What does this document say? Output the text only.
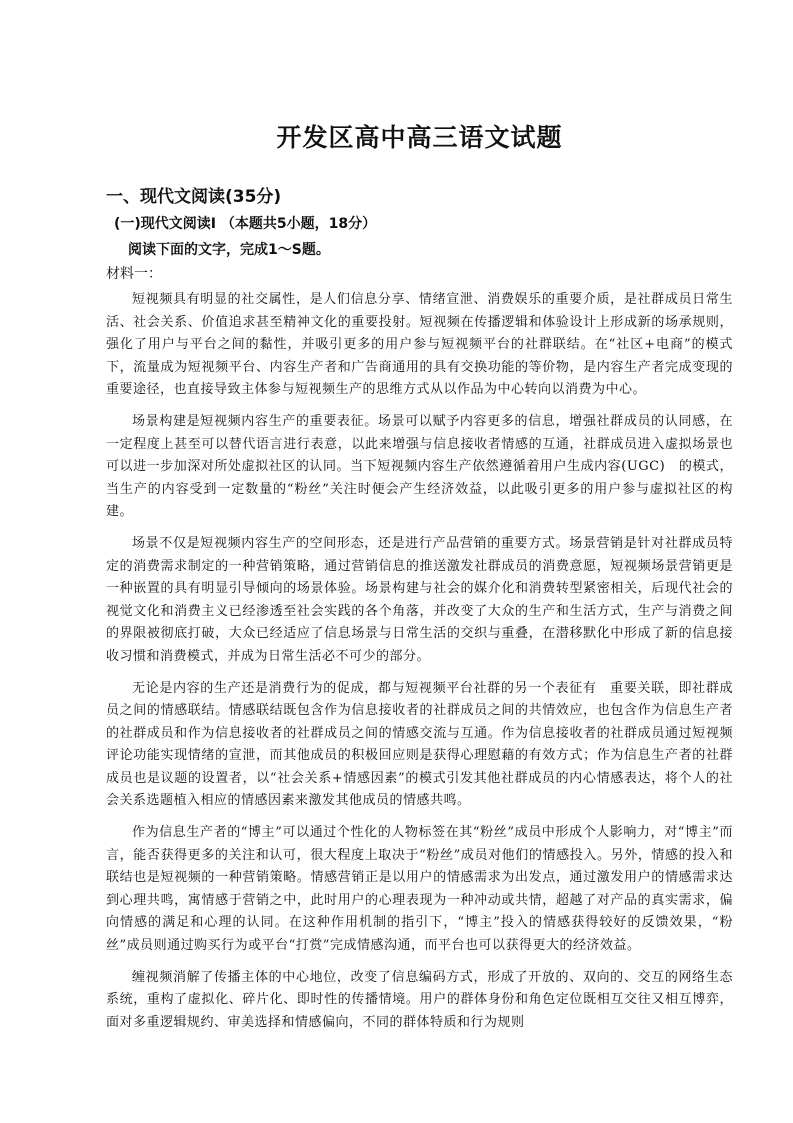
开发区高中高三语文试题
一、现代文阅读(35分)
(一)现代文阅读I （本题共5小题，18分）
阅读下面的文字，完成1～S题。
材料一：

短视频具有明显的社交属性，是人们信息分享、情绪宣泄、消费娱乐的重要介质，是社群成员日常生活、社会关系、价值追求甚至精神文化的重要投射。短视频在传播逻辑和体验设计上形成新的场承规则，强化了用户与平台之间的黏性，并吸引更多的用户参与短视频平台的社群联结。在“社区+电商”的模式下，流量成为短视频平台、内容生产者和广告商通用的具有交换功能的等价物，是内容生产者完成变现的重要途径，也直接导致主体参与短视频生产的思维方式从以作品为中心转向以消费为中心。

场景构建是短视频内容生产的重要表征。场景可以赋予内容更多的信息，增强社群成员的认同感，在一定程度上甚至可以替代语言进行表意，以此来增强与信息接收者情感的互通，社群成员进入虚拟场景也可以进一步加深对所处虚拟社区的认同。当下短视频内容生产依然遵循着用户生成内容(UGC)　的模式，当生产的内容受到一定数量的“粉丝”关注时便会产生经济效益，以此吸引更多的用户参与虚拟社区的构建。

场景不仅是短视频内容生产的空间形态，还是进行产品营销的重要方式。场景营销是针对社群成员特定的消费需求制定的一种营销策略，通过营销信息的推送激发社群成员的消费意愿，短视频场景营销更是一种嵌置的具有明显引导倾向的场景体验。场景构建与社会的媒介化和消费转型紧密相关，后现代社会的视觉文化和消费主义已经渗透至社会实践的各个角落，并改变了大众的生产和生活方式，生产与消费之间的界限被彻底打破，大众已经适应了信息场景与日常生活的交织与重叠，在潜移默化中形成了新的信息接收习惯和消费模式，并成为日常生活必不可少的部分。

无论是内容的生产还是消费行为的促成，都与短视频平台社群的另一个表征有　重要关联，即社群成员之间的情感联结。情感联结既包含作为信息接收者的社群成员之间的共情效应，也包含作为信息生产者的社群成员和作为信息接收者的社群成员之间的情感交流与互通。作为信息接收者的社群成员通过短视频评论功能实现情绪的宣泄，而其他成员的积极回应则是获得心理慰藉的有效方式；作为信息生产者的社群成员也是议题的设置者，以“社会关系+情感因素”的模式引发其他社群成员的内心情感表达，将个人的社会关系选题植入相应的情感因素来激发其他成员的情感共鸣。

作为信息生产者的“博主”可以通过个性化的人物标签在其“粉丝”成员中形成个人影响力，对“博主”而言，能否获得更多的关注和认可，很大程度上取决于“粉丝”成员对他们的情感投入。另外，情感的投入和联结也是短视频的一种营销策略。情感营销正是以用户的情感需求为出发点，通过激发用户的情感需求达到心理共鸣，寓情感于营销之中，此时用户的心理表现为一种冲动或共情，超越了对产品的真实需求，偏向情感的满足和心理的认同。在这种作用机制的指引下，“博主”投入的情感获得较好的反馈效果，“粉丝”成员则通过购买行为或平台“打赏”完成情感沟通，而平台也可以获得更大的经济效益。

缠视频消解了传播主体的中心地位，改变了信息编码方式，形成了开放的、双向的、交互的网络生态系统，重构了虚拟化、碎片化、即时性的传播情境。用户的群体身份和角色定位既相互交往又相互博弈，面对多重逻辑规约、审美选择和情感偏向，不同的群体特质和行为规则
